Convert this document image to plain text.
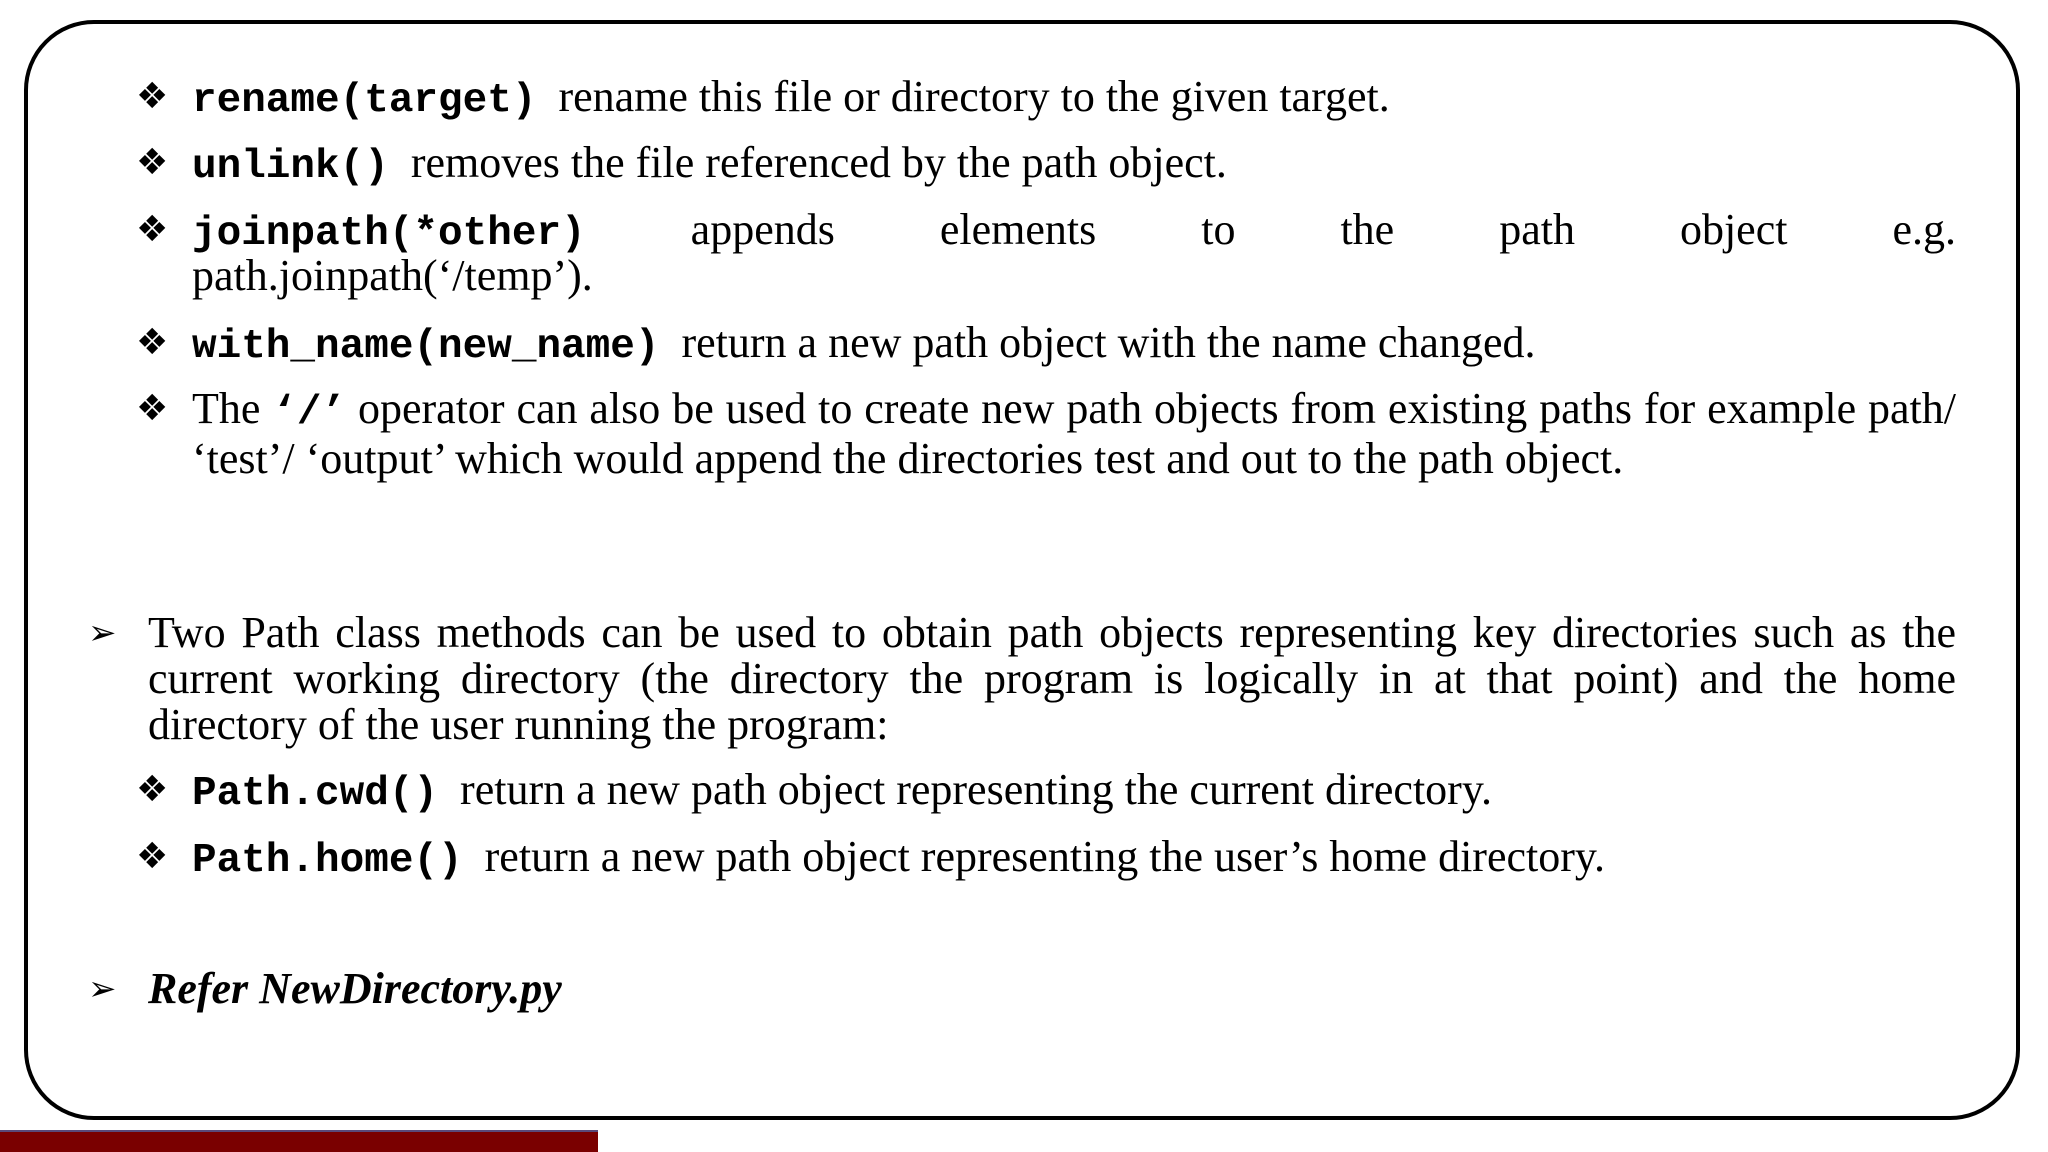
❖ rename(target) rename this file or directory to the given target.
❖ unlink() removes the file referenced by the path object.
❖ joinpath(*other) appends elements to the path object e.g.
path.joinpath(‘/temp’).
❖ with_name(new_name) return a new path object with the name changed.
❖ The ‘/’ operator can also be used to create new path objects from existing paths for example path/ ‘test’/ ‘output’ which would append the directories test and out to the path object.
➢ Two Path class methods can be used to obtain path objects representing key directories such as the current working directory (the directory the program is logically in at that point) and the home directory of the user running the program:
❖ Path.cwd() return a new path object representing the current directory.
❖ Path.home() return a new path object representing the user’s home directory.
➢ Refer NewDirectory.py
